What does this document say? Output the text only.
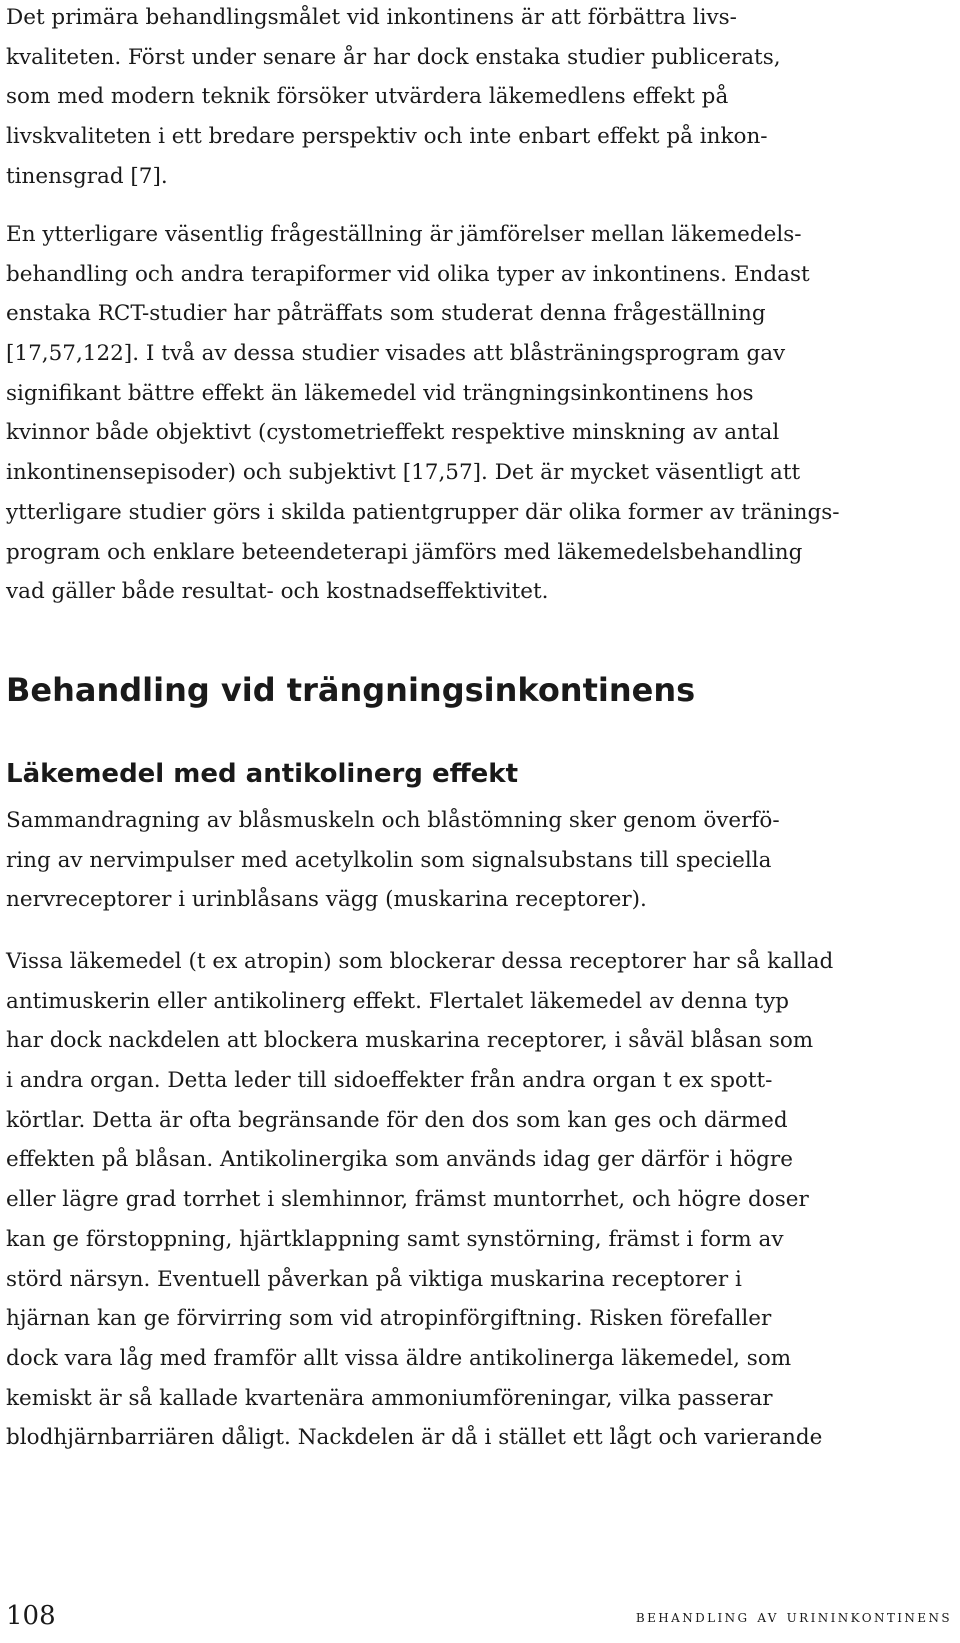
Det primära behandlingsmålet vid inkontinens är att förbättra livs-
kvaliteten. Först under senare år har dock enstaka studier publicerats,
som med modern teknik försöker utvärdera läkemedlens effekt på
livskvaliteten i ett bredare perspektiv och inte enbart effekt på inkon-
tinensgrad [7].
En ytterligare väsentlig frågeställning är jämförelser mellan läkemedels-
behandling och andra terapiformer vid olika typer av inkontinens. Endast
enstaka RCT-studier har påträffats som studerat denna frågeställning
[17,57,122]. I två av dessa studier visades att blåsträningsprogram gav
signifikant bättre effekt än läkemedel vid trängningsinkontinens hos
kvinnor både objektivt (cystometrieffekt respektive minskning av antal
inkontinensepisoder) och subjektivt [17,57]. Det är mycket väsentligt att
ytterligare studier görs i skilda patientgrupper där olika former av tränings-
program och enklare beteendeterapi jämförs med läkemedelsbehandling
vad gäller både resultat- och kostnadseffektivitet.
Behandling vid trängningsinkontinens
Läkemedel med antikolinerg effekt
Sammandragning av blåsmuskeln och blåstömning sker genom överfö-
ring av nervimpulser med acetylkolin som signalsubstans till speciella
nervreceptorer i urinblåsans vägg (muskarina receptorer).
Vissa läkemedel (t ex atropin) som blockerar dessa receptorer har så kallad
antimuskerin eller antikolinerg effekt. Flertalet läkemedel av denna typ
har dock nackdelen att blockera muskarina receptorer, i såväl blåsan som
i andra organ. Detta leder till sidoeffekter från andra organ t ex spott-
körtlar. Detta är ofta begränsande för den dos som kan ges och därmed
effekten på blåsan. Antikolinergika som används idag ger därför i högre
eller lägre grad torrhet i slemhinnor, främst muntorrhet, och högre doser
kan ge förstoppning, hjärtklappning samt synstörning, främst i form av
störd närsyn. Eventuell påverkan på viktiga muskarina receptorer i
hjärnan kan ge förvirring som vid atropinförgiftning. Risken förefaller
dock vara låg med framför allt vissa äldre antikolinerga läkemedel, som
kemiskt är så kallade kvartenära ammoniumföreningar, vilka passerar
blodhjärnbarriären dåligt. Nackdelen är då i stället ett lågt och varierande
108	behandling av urininkontinens
